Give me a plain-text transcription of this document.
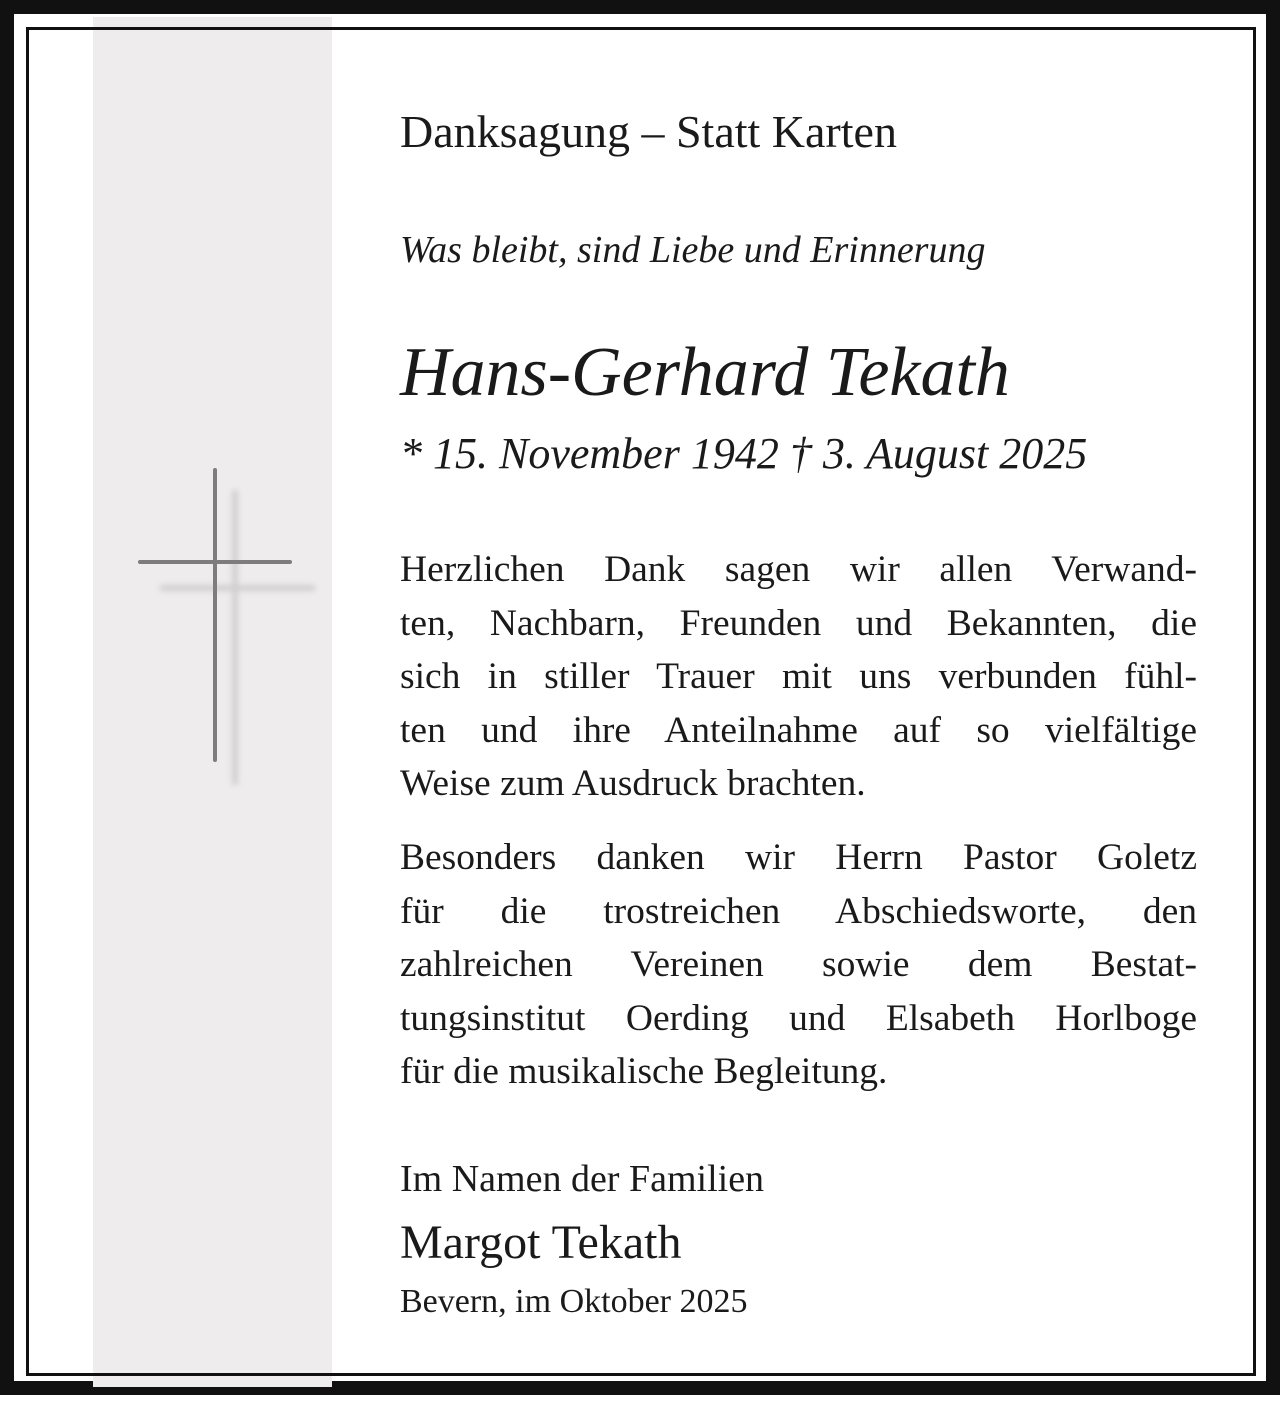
Danksagung – Statt Karten
Was bleibt, sind Liebe und Erinnerung
Hans-Gerhard Tekath
* 15. November 1942 † 3. August 2025
Herzlichen Dank sagen wir allen Verwand-
ten, Nachbarn, Freunden und Bekannten, die
sich in stiller Trauer mit uns verbunden fühl-
ten und ihre Anteilnahme auf so vielfältige
Weise zum Ausdruck brachten.
Besonders danken wir Herrn Pastor Goletz
für die trostreichen Abschiedsworte, den
zahlreichen Vereinen sowie dem Bestat-
tungsinstitut Oerding und Elsabeth Horlboge
für die musikalische Begleitung.
Im Namen der Familien
Margot Tekath
Bevern, im Oktober 2025
